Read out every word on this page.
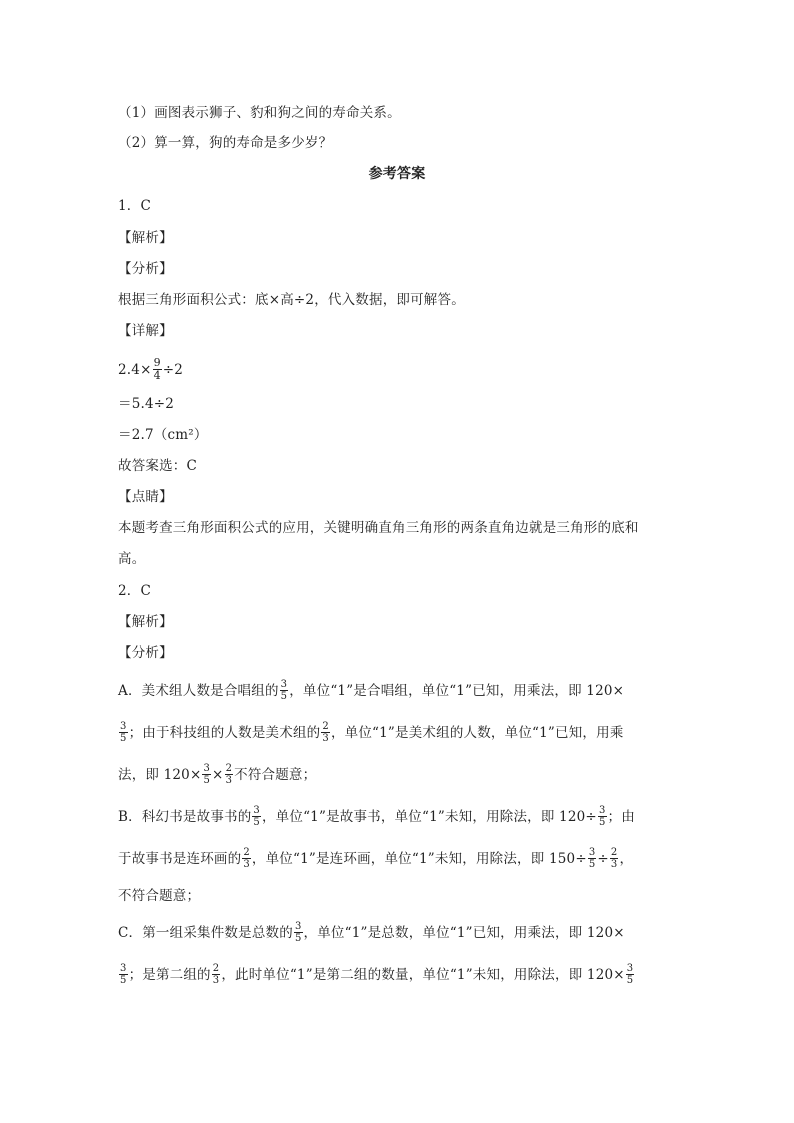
（1）画图表示狮子、豹和狗之间的寿命关系。
（2）算一算，狗的寿命是多少岁？
参考答案
1．C
【解析】
【分析】
根据三角形面积公式：底×高÷2，代入数据，即可解答。
【详解】
$2.4\times \frac{9}{4} \div 2$
＝5.4÷2
＝2.7（cm²）
故答案选：C
【点睛】
本题考查三角形面积公式的应用，关键明确直角三角形的两条直角边就是三角形的底和
高。
2．C
【解析】
【分析】
A．美术组人数是合唱组的 $\frac{3}{5}$ ，单位“1”是合唱组，单位“1”已知，用乘法，即 120×
$\frac{3}{5}$ ；由于科技组的人数是美术组的 $\frac{2}{3}$ ，单位“1”是美术组的人数，单位“1”已知，用乘
法，即 $120\times \frac{3}{5} \times \frac{2}{3}$ 不符合题意；
B．科幻书是故事书的 $\frac{3}{5}$ ，单位“1”是故事书，单位“1”未知，用除法，即 $120\div \frac{3}{5}$ ；由
于故事书是连环画的 $\frac{2}{3}$ ，单位“1”是连环画，单位“1”未知，用除法，即 $150\div \frac{3}{5} \div \frac{2}{3}$ ，
不符合题意；
C．第一组采集件数是总数的 $\frac{3}{5}$ ，单位“1”是总数，单位“1”已知，用乘法，即 120×
$\frac{3}{5}$ ；是第二组的 $\frac{2}{3}$ ，此时单位“1”是第二组的数量，单位“1”未知，用除法，即 $120\times \frac{3}{5}$
